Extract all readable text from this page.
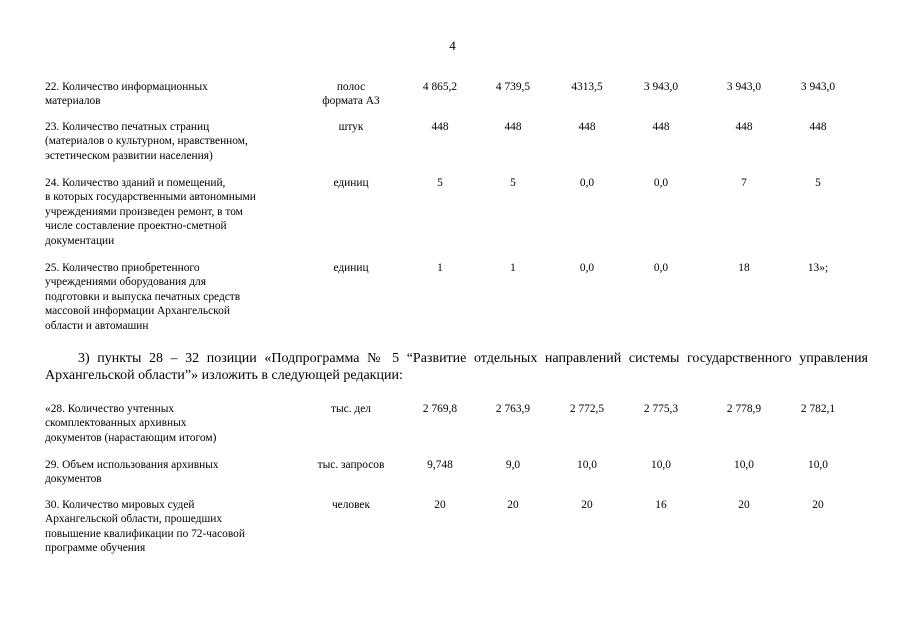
4
22. Количество информационных
материалов
полос
формата А3
4 865,2	4 739,5	4313,5	3 943,0	3 943,0	3 943,0
23. Количество печатных страниц
(материалов о культурном, нравственном,
эстетическом развитии населения)
штук	448	448	448	448	448	448
24. Количество зданий и помещений,
в которых государственными автономными
учреждениями произведен ремонт, в том
числе составление проектно-сметной
документации
единиц	5	5	0,0	0,0	7	5
25. Количество приобретенного
учреждениями оборудования для
подготовки и выпуска печатных средств
массовой информации Архангельской
области и автомашин
единиц	1	1	0,0	0,0	18	13»;
3) пункты 28 – 32 позиции «Подпрограмма № 5 “Развитие отдельных направлений системы государственного управления Архангельской области”» изложить в следующей редакции:
«28. Количество учтенных
скомплектованных архивных
документов (нарастающим итогом)
тыс. дел	2 769,8	2 763,9	2 772,5	2 775,3	2 778,9	2 782,1
29. Объем использования архивных
документов
тыс. запросов	9,748	9,0	10,0	10,0	10,0	10,0
30. Количество мировых судей
Архангельской области, прошедших
повышение квалификации по 72-часовой
программе обучения
человек	20	20	20	16	20	20
